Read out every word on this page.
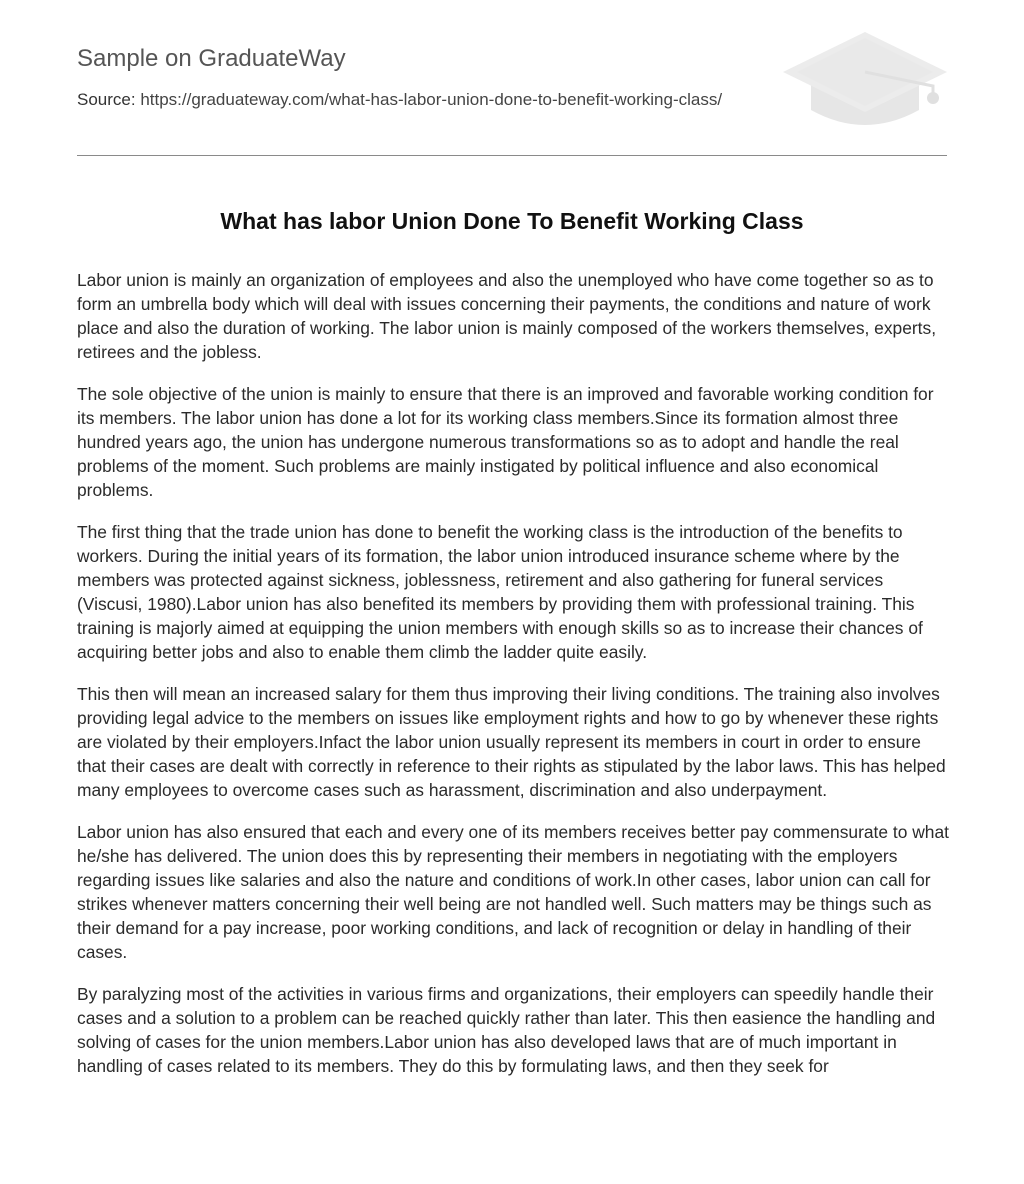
Sample on GraduateWay
Source: https://graduateway.com/what-has-labor-union-done-to-benefit-working-class/
What has labor Union Done To Benefit Working Class

Labor union is mainly an organization of employees and also the unemployed who have come together so as to form an umbrella body which will deal with issues concerning their payments, the conditions and nature of work place and also the duration of working. The labor union is mainly composed of the workers themselves, experts, retirees and the jobless.

The sole objective of the union is mainly to ensure that there is an improved and favorable working condition for its members. The labor union has done a lot for its working class members.Since its formation almost three hundred years ago, the union has undergone numerous transformations so as to adopt and handle the real problems of the moment. Such problems are mainly instigated by political influence and also economical problems.

The first thing that the trade union has done to benefit the working class is the introduction of the benefits to workers. During the initial years of its formation, the labor union introduced insurance scheme where by the members was protected against sickness, joblessness, retirement and also gathering for funeral services (Viscusi, 1980).Labor union has also benefited its members by providing them with professional training. This training is majorly aimed at equipping the union members with enough skills so as to increase their chances of acquiring better jobs and also to enable them climb the ladder quite easily.

This then will mean an increased salary for them thus improving their living conditions. The training also involves providing legal advice to the members on issues like employment rights and how to go by whenever these rights are violated by their employers.Infact the labor union usually represent its members in court in order to ensure that their cases are dealt with correctly in reference to their rights as stipulated by the labor laws. This has helped many employees to overcome cases such as harassment, discrimination and also underpayment.

Labor union has also ensured that each and every one of its members receives better pay commensurate to what he/she has delivered. The union does this by representing their members in negotiating with the employers regarding issues like salaries and also the nature and conditions of work.In other cases, labor union can call for strikes whenever matters concerning their well being are not handled well. Such matters may be things such as their demand for a pay increase, poor working conditions, and lack of recognition or delay in handling of their cases.

By paralyzing most of the activities in various firms and organizations, their employers can speedily handle their cases and a solution to a problem can be reached quickly rather than later. This then easience the handling and solving of cases for the union members.Labor union has also developed laws that are of much important in handling of cases related to its members. They do this by formulating laws, and then they seek for
